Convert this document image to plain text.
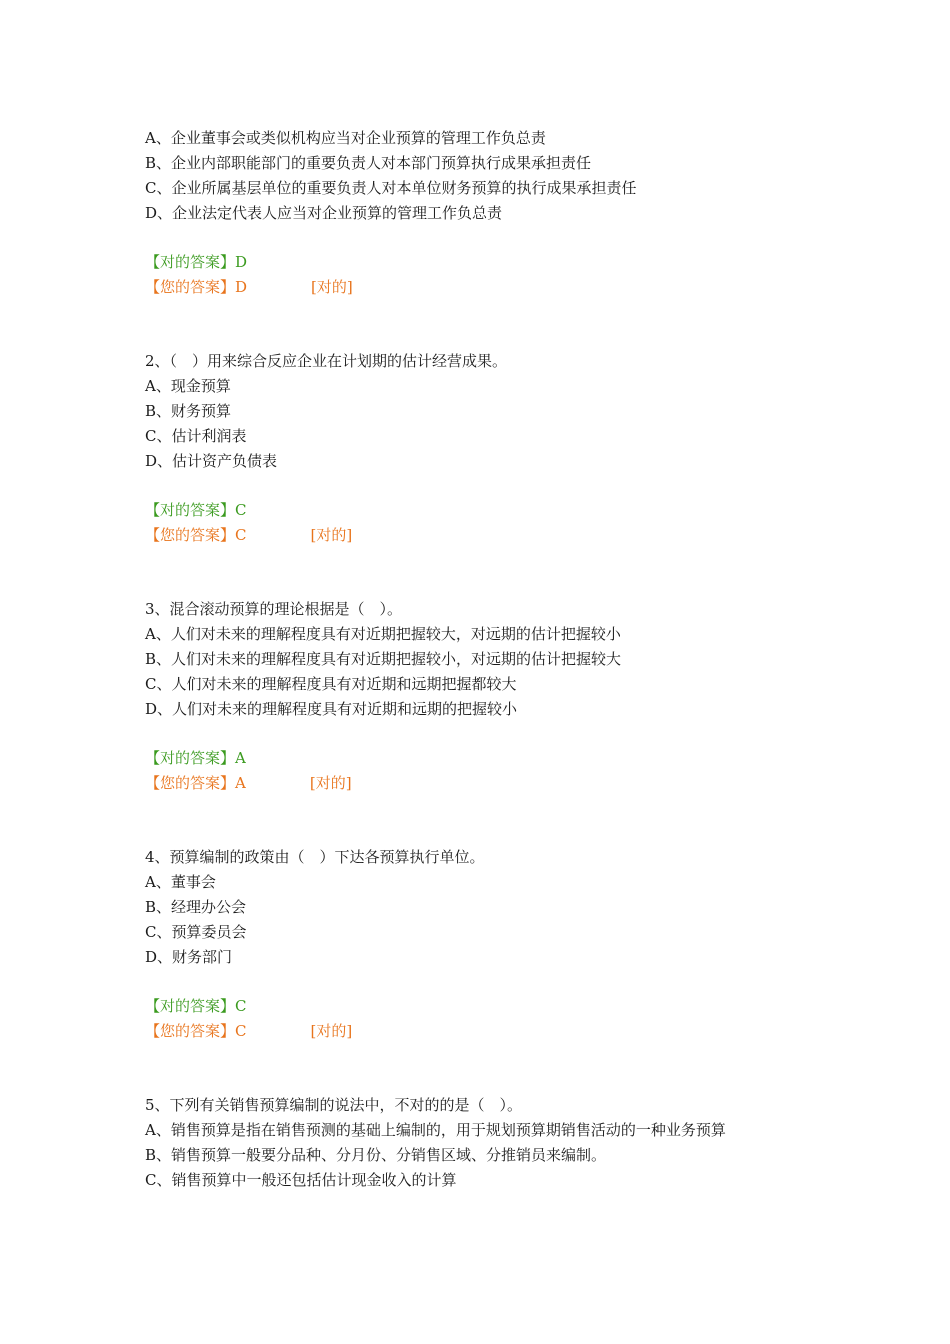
A、企业董事会或类似机构应当对企业预算的管理工作负总责
B、企业内部职能部门的重要负责人对本部门预算执行成果承担责任
C、企业所属基层单位的重要负责人对本单位财务预算的执行成果承担责任
D、企业法定代表人应当对企业预算的管理工作负总责
【对的答案】D
【您的答案】D	[对的]
2、（　）用来综合反应企业在计划期的估计经营成果。
A、现金预算
B、财务预算
C、估计利润表
D、估计资产负债表
【对的答案】C
【您的答案】C	[对的]
3、混合滚动预算的理论根据是（　）。
A、人们对未来的理解程度具有对近期把握较大，对远期的估计把握较小
B、人们对未来的理解程度具有对近期把握较小，对远期的估计把握较大
C、人们对未来的理解程度具有对近期和远期把握都较大
D、人们对未来的理解程度具有对近期和远期的把握较小
【对的答案】A
【您的答案】A	[对的]
4、预算编制的政策由（　）下达各预算执行单位。
A、董事会
B、经理办公会
C、预算委员会
D、财务部门
【对的答案】C
【您的答案】C	[对的]
5、下列有关销售预算编制的说法中，不对的的是（　）。
A、销售预算是指在销售预测的基础上编制的，用于规划预算期销售活动的一种业务预算
B、销售预算一般要分品种、分月份、分销售区域、分推销员来编制。
C、销售预算中一般还包括估计现金收入的计算
